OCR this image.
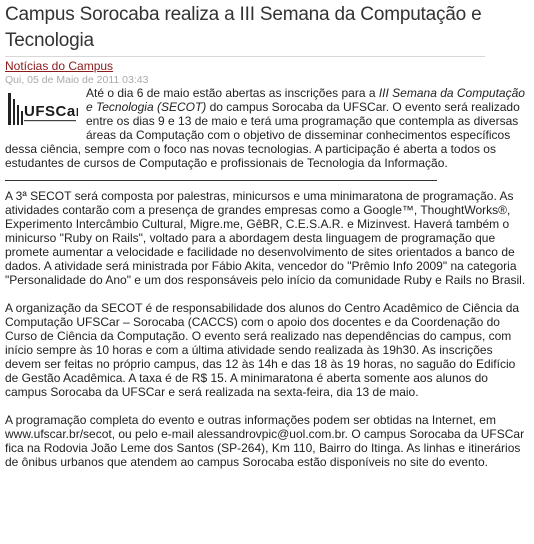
Campus Sorocaba realiza a III Semana da Computação e Tecnologia
Notícias do Campus
Qui, 05 de Maio de 2011 03:43
UFSCar

Até o dia 6 de maio estão abertas as inscrições para a III Semana da Computação e Tecnologia (SECOT) do campus Sorocaba da UFSCar. O evento será realizado entre os dias 9 e 13 de maio e terá uma programação que contempla as diversas áreas da Computação com o objetivo de disseminar conhecimentos específicos dessa ciência, sempre com o foco nas novas tecnologias. A participação é aberta a todos os estudantes de cursos de Computação e profissionais de Tecnologia da Informação.

A 3ª SECOT será composta por palestras, minicursos e uma minimaratona de programação. As atividades contarão com a presença de grandes empresas como a Google™, ThoughtWorks®, Experimento Intercâmbio Cultural, Migre.me, GêBR, C.E.S.A.R. e Mizinvest. Haverá também o minicurso "Ruby on Rails", voltado para a abordagem desta linguagem de programação que promete aumentar a velocidade e facilidade no desenvolvimento de sites orientados a banco de dados. A atividade será ministrada por Fábio Akita, vencedor do "Prêmio Info 2009" na categoria "Personalidade do Ano" e um dos responsáveis pelo início da comunidade Ruby e Rails no Brasil.

A organização da SECOT é de responsabilidade dos alunos do Centro Acadêmico de Ciência da Computação UFSCar – Sorocaba (CACCS) com o apoio dos docentes e da Coordenação do Curso de Ciência da Computação. O evento será realizado nas dependências do campus, com início sempre às 10 horas e com a última atividade sendo realizada às 19h30. As inscrições devem ser feitas no próprio campus, das 12 às 14h e das 18 às 19 horas, no saguão do Edifício de Gestão Acadêmica. A taxa é de R$ 15. A minimaratona é aberta somente aos alunos do campus Sorocaba da UFSCar e será realizada na sexta-feira, dia 13 de maio.

A programação completa do evento e outras informações podem ser obtidas na Internet, em www.ufscar.br/secot, ou pelo e-mail alessandrovpic@uol.com.br. O campus Sorocaba da UFSCar fica na Rodovia João Leme dos Santos (SP-264), Km 110, Bairro do Itinga. As linhas e itinerários de ônibus urbanos que atendem ao campus Sorocaba estão disponíveis no site do evento.
